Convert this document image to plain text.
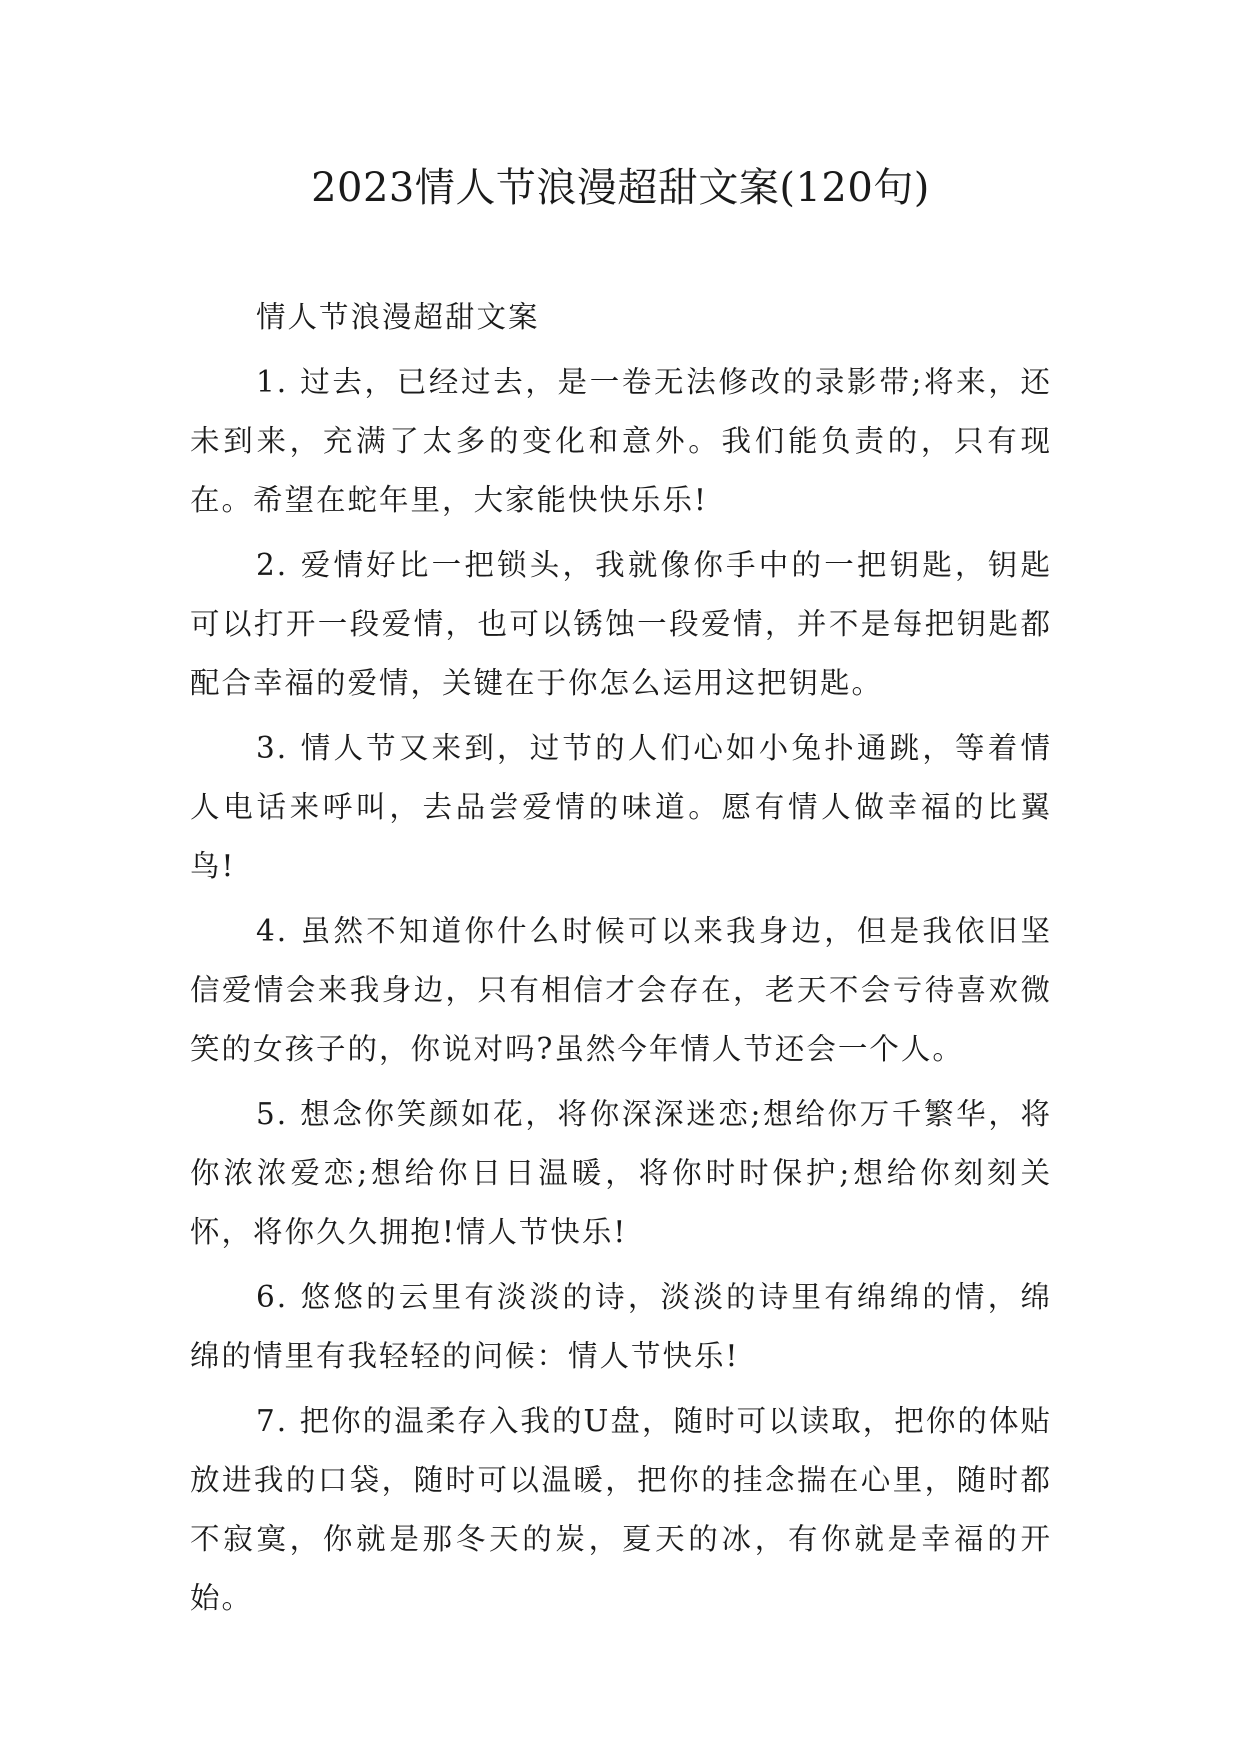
2023情人节浪漫超甜文案(120句)

情人节浪漫超甜文案

1. 过去，已经过去，是一卷无法修改的录影带;将来，还未到来，充满了太多的变化和意外。我们能负责的，只有现在。希望在蛇年里，大家能快快乐乐!

2. 爱情好比一把锁头，我就像你手中的一把钥匙，钥匙可以打开一段爱情，也可以锈蚀一段爱情，并不是每把钥匙都配合幸福的爱情，关键在于你怎么运用这把钥匙。

3. 情人节又来到，过节的人们心如小兔扑通跳，等着情人电话来呼叫，去品尝爱情的味道。愿有情人做幸福的比翼鸟!

4. 虽然不知道你什么时候可以来我身边，但是我依旧坚信爱情会来我身边，只有相信才会存在，老天不会亏待喜欢微笑的女孩子的，你说对吗?虽然今年情人节还会一个人。

5. 想念你笑颜如花，将你深深迷恋;想给你万千繁华，将你浓浓爱恋;想给你日日温暖，将你时时保护;想给你刻刻关怀，将你久久拥抱!情人节快乐!

6. 悠悠的云里有淡淡的诗，淡淡的诗里有绵绵的情，绵绵的情里有我轻轻的问候：情人节快乐!

7. 把你的温柔存入我的U盘，随时可以读取，把你的体贴放进我的口袋，随时可以温暖，把你的挂念揣在心里，随时都不寂寞，你就是那冬天的炭，夏天的冰，有你就是幸福的开始。
